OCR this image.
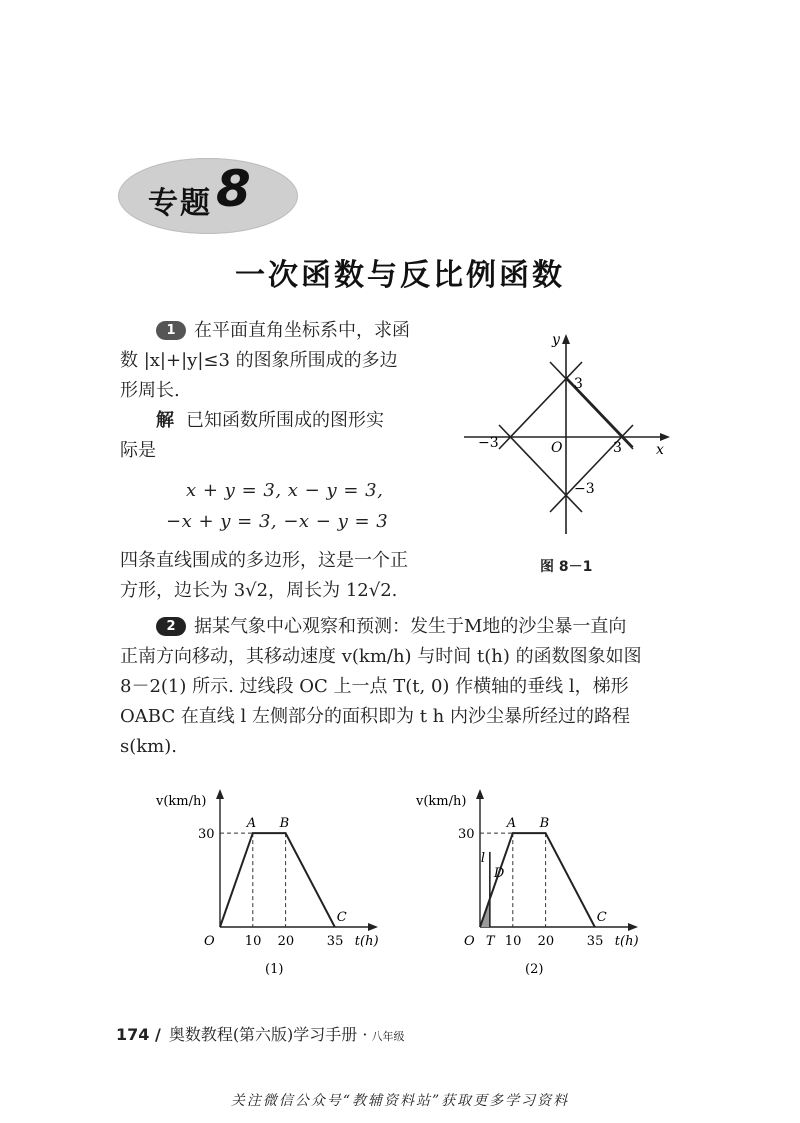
专题 8
一次函数与反比例函数
1 在平面直角坐标系中，求函
数 |x|+|y|≤3 的图象所围成的多边
形周长.
解 已知函数所围成的图形实
际是
x + y = 3, x − y = 3,
−x + y = 3, −x − y = 3
四条直线围成的多边形，这是一个正
方形，边长为 3√2，周长为 12√2.
y
x
O
3
−3
3
−3
图 8－1
2 据某气象中心观察和预测：发生于M地的沙尘暴一直向
正南方向移动，其移动速度 v(km/h) 与时间 t(h) 的函数图象如图
8－2(1) 所示. 过线段 OC 上一点 T(t, 0) 作横轴的垂线 l，梯形
OABC 在直线 l 左侧部分的面积即为 t h 内沙尘暴所经过的路程
s(km).
v(km/h)
30
10 20	35 t(h)
O
A B
C
(1)
v(km/h)
30
10 20	35 t(h)
O
A B
C
T
D
l
(2)
174 / 奥数教程(第六版)学习手册 · 八年级
关注微信公众号“教辅资料站”获取更多学习资料
